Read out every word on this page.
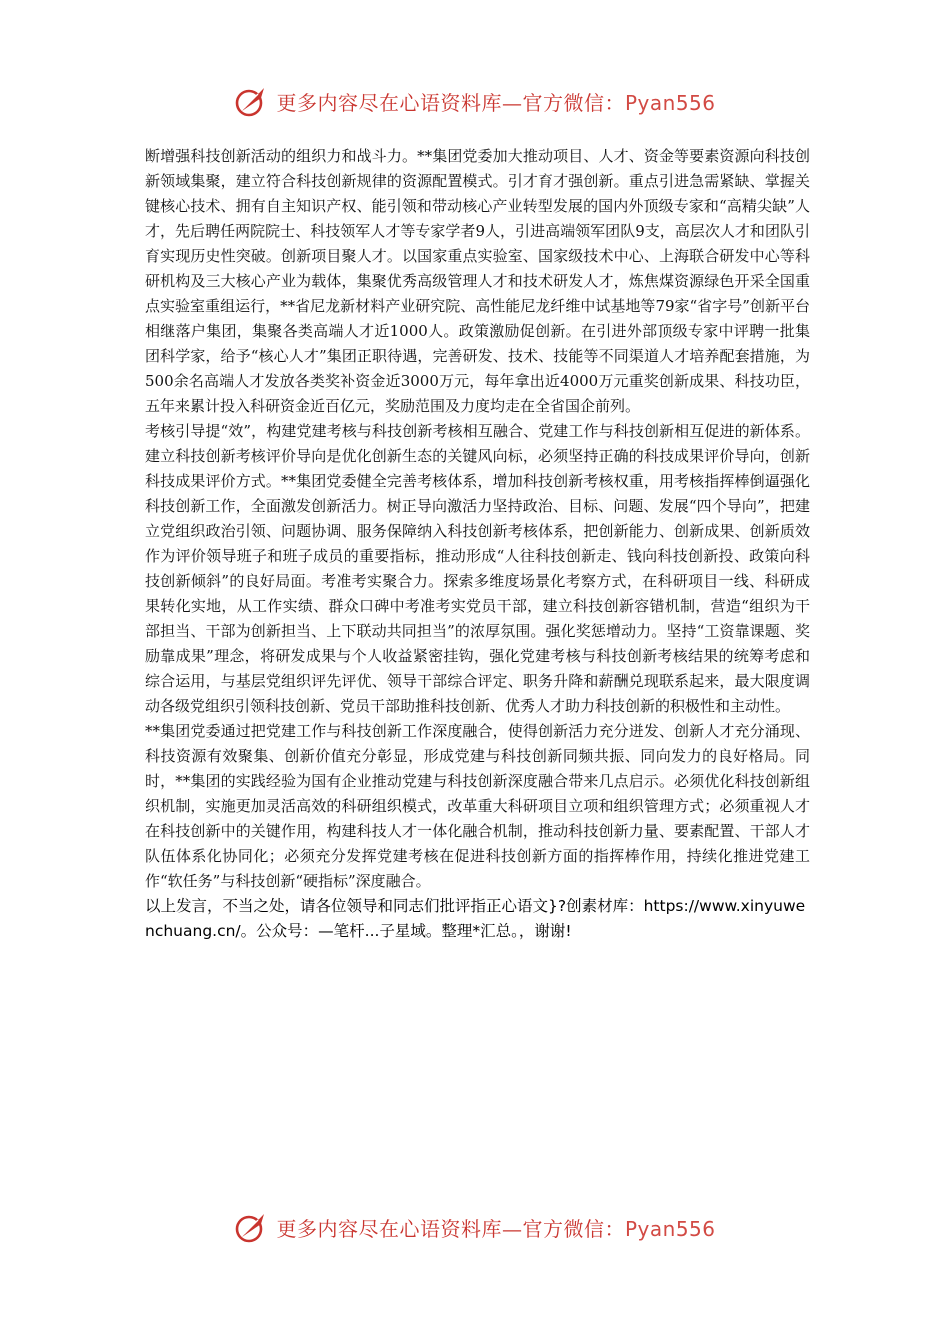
更多内容尽在心语资料库—官方微信：Pyan556

断增强科技创新活动的组织力和战斗力。**集团党委加大推动项目、人才、资金等要素资源向科技创新领域集聚，建立符合科技创新规律的资源配置模式。引才育才强创新。重点引进急需紧缺、掌握关键核心技术、拥有自主知识产权、能引领和带动核心产业转型发展的国内外顶级专家和“高精尖缺”人才，先后聘任两院院士、科技领军人才等专家学者9人，引进高端领军团队9支，高层次人才和团队引育实现历史性突破。创新项目聚人才。以国家重点实验室、国家级技术中心、上海联合研发中心等科研机构及三大核心产业为载体，集聚优秀高级管理人才和技术研发人才，炼焦煤资源绿色开采全国重点实验室重组运行，**省尼龙新材料产业研究院、高性能尼龙纤维中试基地等79家“省字号”创新平台相继落户集团，集聚各类高端人才近1000人。政策激励促创新。在引进外部顶级专家中评聘一批集团科学家，给予“核心人才”集团正职待遇，完善研发、技术、技能等不同渠道人才培养配套措施，为500余名高端人才发放各类奖补资金近3000万元，每年拿出近4000万元重奖创新成果、科技功臣，五年来累计投入科研资金近百亿元，奖励范围及力度均走在全省国企前列。

考核引导提“效”，构建党建考核与科技创新考核相互融合、党建工作与科技创新相互促进的新体系。建立科技创新考核评价导向是优化创新生态的关键风向标，必须坚持正确的科技成果评价导向，创新科技成果评价方式。**集团党委健全完善考核体系，增加科技创新考核权重，用考核指挥棒倒逼强化科技创新工作，全面激发创新活力。树正导向激活力坚持政治、目标、问题、发展“四个导向”，把建立党组织政治引领、问题协调、服务保障纳入科技创新考核体系，把创新能力、创新成果、创新质效作为评价领导班子和班子成员的重要指标，推动形成“人往科技创新走、钱向科技创新投、政策向科技创新倾斜”的良好局面。考准考实聚合力。探索多维度场景化考察方式，在科研项目一线、科研成果转化实地，从工作实绩、群众口碑中考准考实党员干部，建立科技创新容错机制，营造“组织为干部担当、干部为创新担当、上下联动共同担当”的浓厚氛围。强化奖惩增动力。坚持“工资靠课题、奖励靠成果”理念，将研发成果与个人收益紧密挂钩，强化党建考核与科技创新考核结果的统筹考虑和综合运用，与基层党组织评先评优、领导干部综合评定、职务升降和薪酬兑现联系起来，最大限度调动各级党组织引领科技创新、党员干部助推科技创新、优秀人才助力科技创新的积极性和主动性。

**集团党委通过把党建工作与科技创新工作深度融合，使得创新活力充分迸发、创新人才充分涌现、科技资源有效聚集、创新价值充分彰显，形成党建与科技创新同频共振、同向发力的良好格局。同时，**集团的实践经验为国有企业推动党建与科技创新深度融合带来几点启示。必须优化科技创新组织机制，实施更加灵活高效的科研组织模式，改革重大科研项目立项和组织管理方式；必须重视人才在科技创新中的关键作用，构建科技人才一体化融合机制，推动科技创新力量、要素配置、干部人才队伍体系化协同化；必须充分发挥党建考核在促进科技创新方面的指挥棒作用，持续化推进党建工作“软任务”与科技创新“硬指标”深度融合。

以上发言，不当之处，请各位领导和同志们批评指正心语文}?创素材库：https://www.xinyuwenchuang.cn/。公众号：—笔杆...子星域。整理*汇总。，谢谢!

更多内容尽在心语资料库—官方微信：Pyan556
